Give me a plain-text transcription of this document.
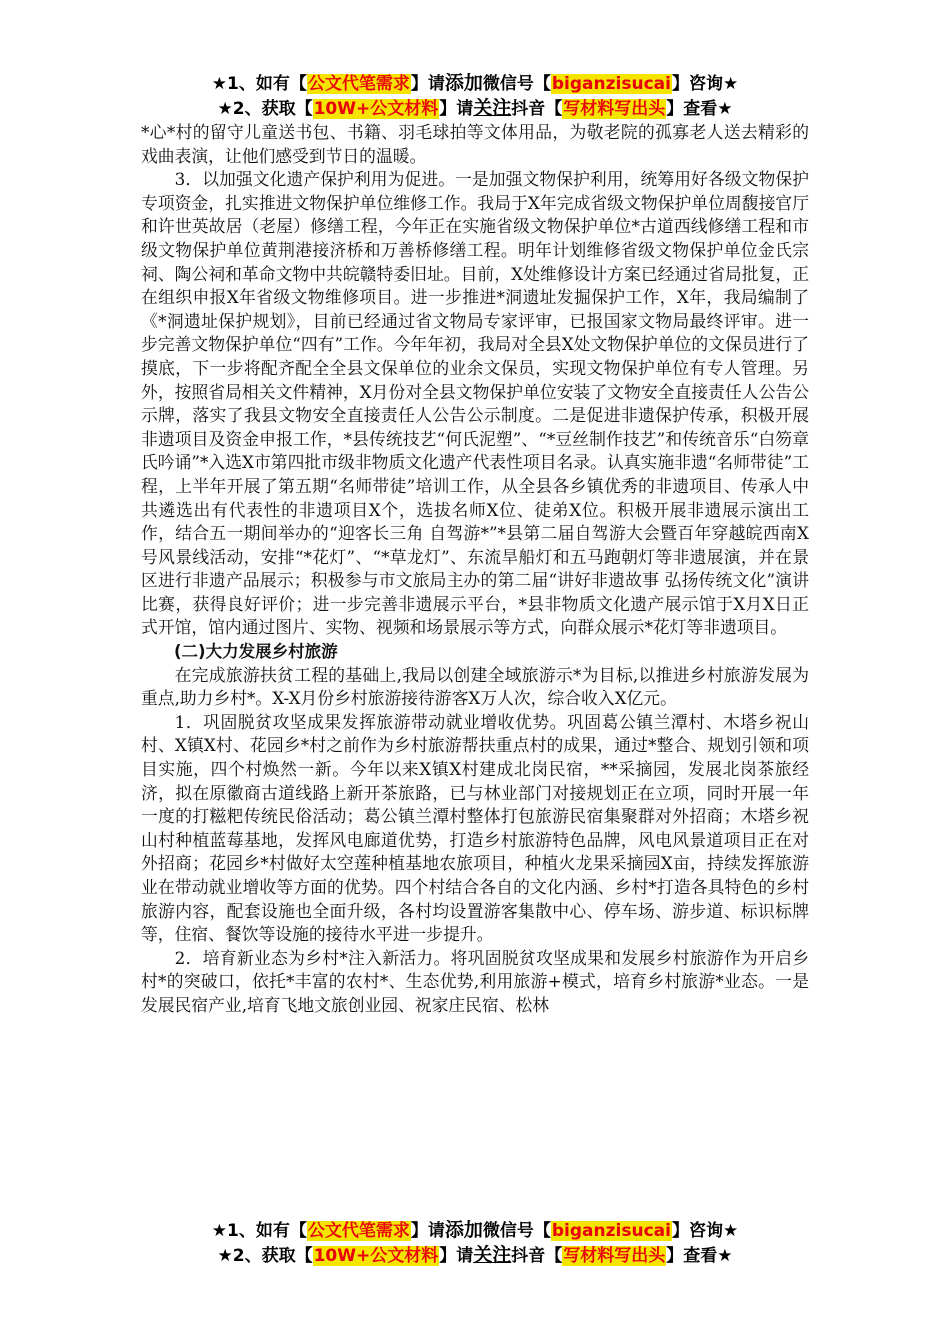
★1、如有【公文代笔需求】请添加微信号【biganzisucai】咨询★
★2、获取【10W+公文材料】请关注抖音【写材料写出头】查看★

*心*村的留守儿童送书包、书籍、羽毛球拍等文体用品，为敬老院的孤寡老人送去精彩的戏曲表演，让他们感受到节日的温暖。

3．以加强文化遗产保护利用为促进。一是加强文物保护利用，统筹用好各级文物保护专项资金，扎实推进文物保护单位维修工作。我局于X年完成省级文物保护单位周馥接官厅和许世英故居（老屋）修缮工程，今年正在实施省级文物保护单位*古道西线修缮工程和市级文物保护单位黄荆港接济桥和万善桥修缮工程。明年计划维修省级文物保护单位金氏宗祠、陶公祠和革命文物中共皖赣特委旧址。目前，X处维修设计方案已经通过省局批复，正在组织申报X年省级文物维修项目。进一步推进*洞遗址发掘保护工作，X年，我局编制了《*洞遗址保护规划》，目前已经通过省文物局专家评审，已报国家文物局最终评审。进一步完善文物保护单位“四有”工作。今年年初，我局对全县X处文物保护单位的文保员进行了摸底，下一步将配齐配全全县文保单位的业余文保员，实现文物保护单位有专人管理。另外，按照省局相关文件精神，X月份对全县文物保护单位安装了文物安全直接责任人公告公示牌，落实了我县文物安全直接责任人公告公示制度。二是促进非遗保护传承，积极开展非遗项目及资金申报工作，*县传统技艺“何氏泥塑”、“*豆丝制作技艺”和传统音乐“白笏章氏吟诵”*入选X市第四批市级非物质文化遗产代表性项目名录。认真实施非遗“名师带徒”工程，上半年开展了第五期“名师带徒”培训工作，从全县各乡镇优秀的非遗项目、传承人中共遴选出有代表性的非遗项目X个，选拔名师X位、徒弟X位。积极开展非遗展示演出工作，结合五一期间举办的“迎客长三角 自驾游*”*县第二届自驾游大会暨百年穿越皖西南X号风景线活动，安排“*花灯”、“*草龙灯”、东流旱船灯和五马跑朝灯等非遗展演，并在景区进行非遗产品展示；积极参与市文旅局主办的第二届“讲好非遗故事 弘扬传统文化”演讲比赛，获得良好评价；进一步完善非遗展示平台，*县非物质文化遗产展示馆于X月X日正式开馆，馆内通过图片、实物、视频和场景展示等方式，向群众展示*花灯等非遗项目。

(二)大力发展乡村旅游

在完成旅游扶贫工程的基础上,我局以创建全域旅游示*为目标,以推进乡村旅游发展为重点,助力乡村*。X-X月份乡村旅游接待游客X万人次，综合收入X亿元。

1．巩固脱贫攻坚成果发挥旅游带动就业增收优势。巩固葛公镇兰潭村、木塔乡祝山村、X镇X村、花园乡*村之前作为乡村旅游帮扶重点村的成果，通过*整合、规划引领和项目实施，四个村焕然一新。今年以来X镇X村建成北岗民宿，**采摘园，发展北岗茶旅经济，拟在原徽商古道线路上新开茶旅路，已与林业部门对接规划正在立项，同时开展一年一度的打糍粑传统民俗活动；葛公镇兰潭村整体打包旅游民宿集聚群对外招商；木塔乡祝山村种植蓝莓基地，发挥风电廊道优势，打造乡村旅游特色品牌，风电风景道项目正在对外招商；花园乡*村做好太空莲种植基地农旅项目，种植火龙果采摘园X亩，持续发挥旅游业在带动就业增收等方面的优势。四个村结合各自的文化内涵、乡村*打造各具特色的乡村旅游内容，配套设施也全面升级，各村均设置游客集散中心、停车场、游步道、标识标牌等，住宿、餐饮等设施的接待水平进一步提升。

2．培育新业态为乡村*注入新活力。将巩固脱贫攻坚成果和发展乡村旅游作为开启乡村*的突破口，依托*丰富的农村*、生态优势,利用旅游+模式，培育乡村旅游*业态。一是发展民宿产业,培育飞地文旅创业园、祝家庄民宿、松林

★1、如有【公文代笔需求】请添加微信号【biganzisucai】咨询★
★2、获取【10W+公文材料】请关注抖音【写材料写出头】查看★
